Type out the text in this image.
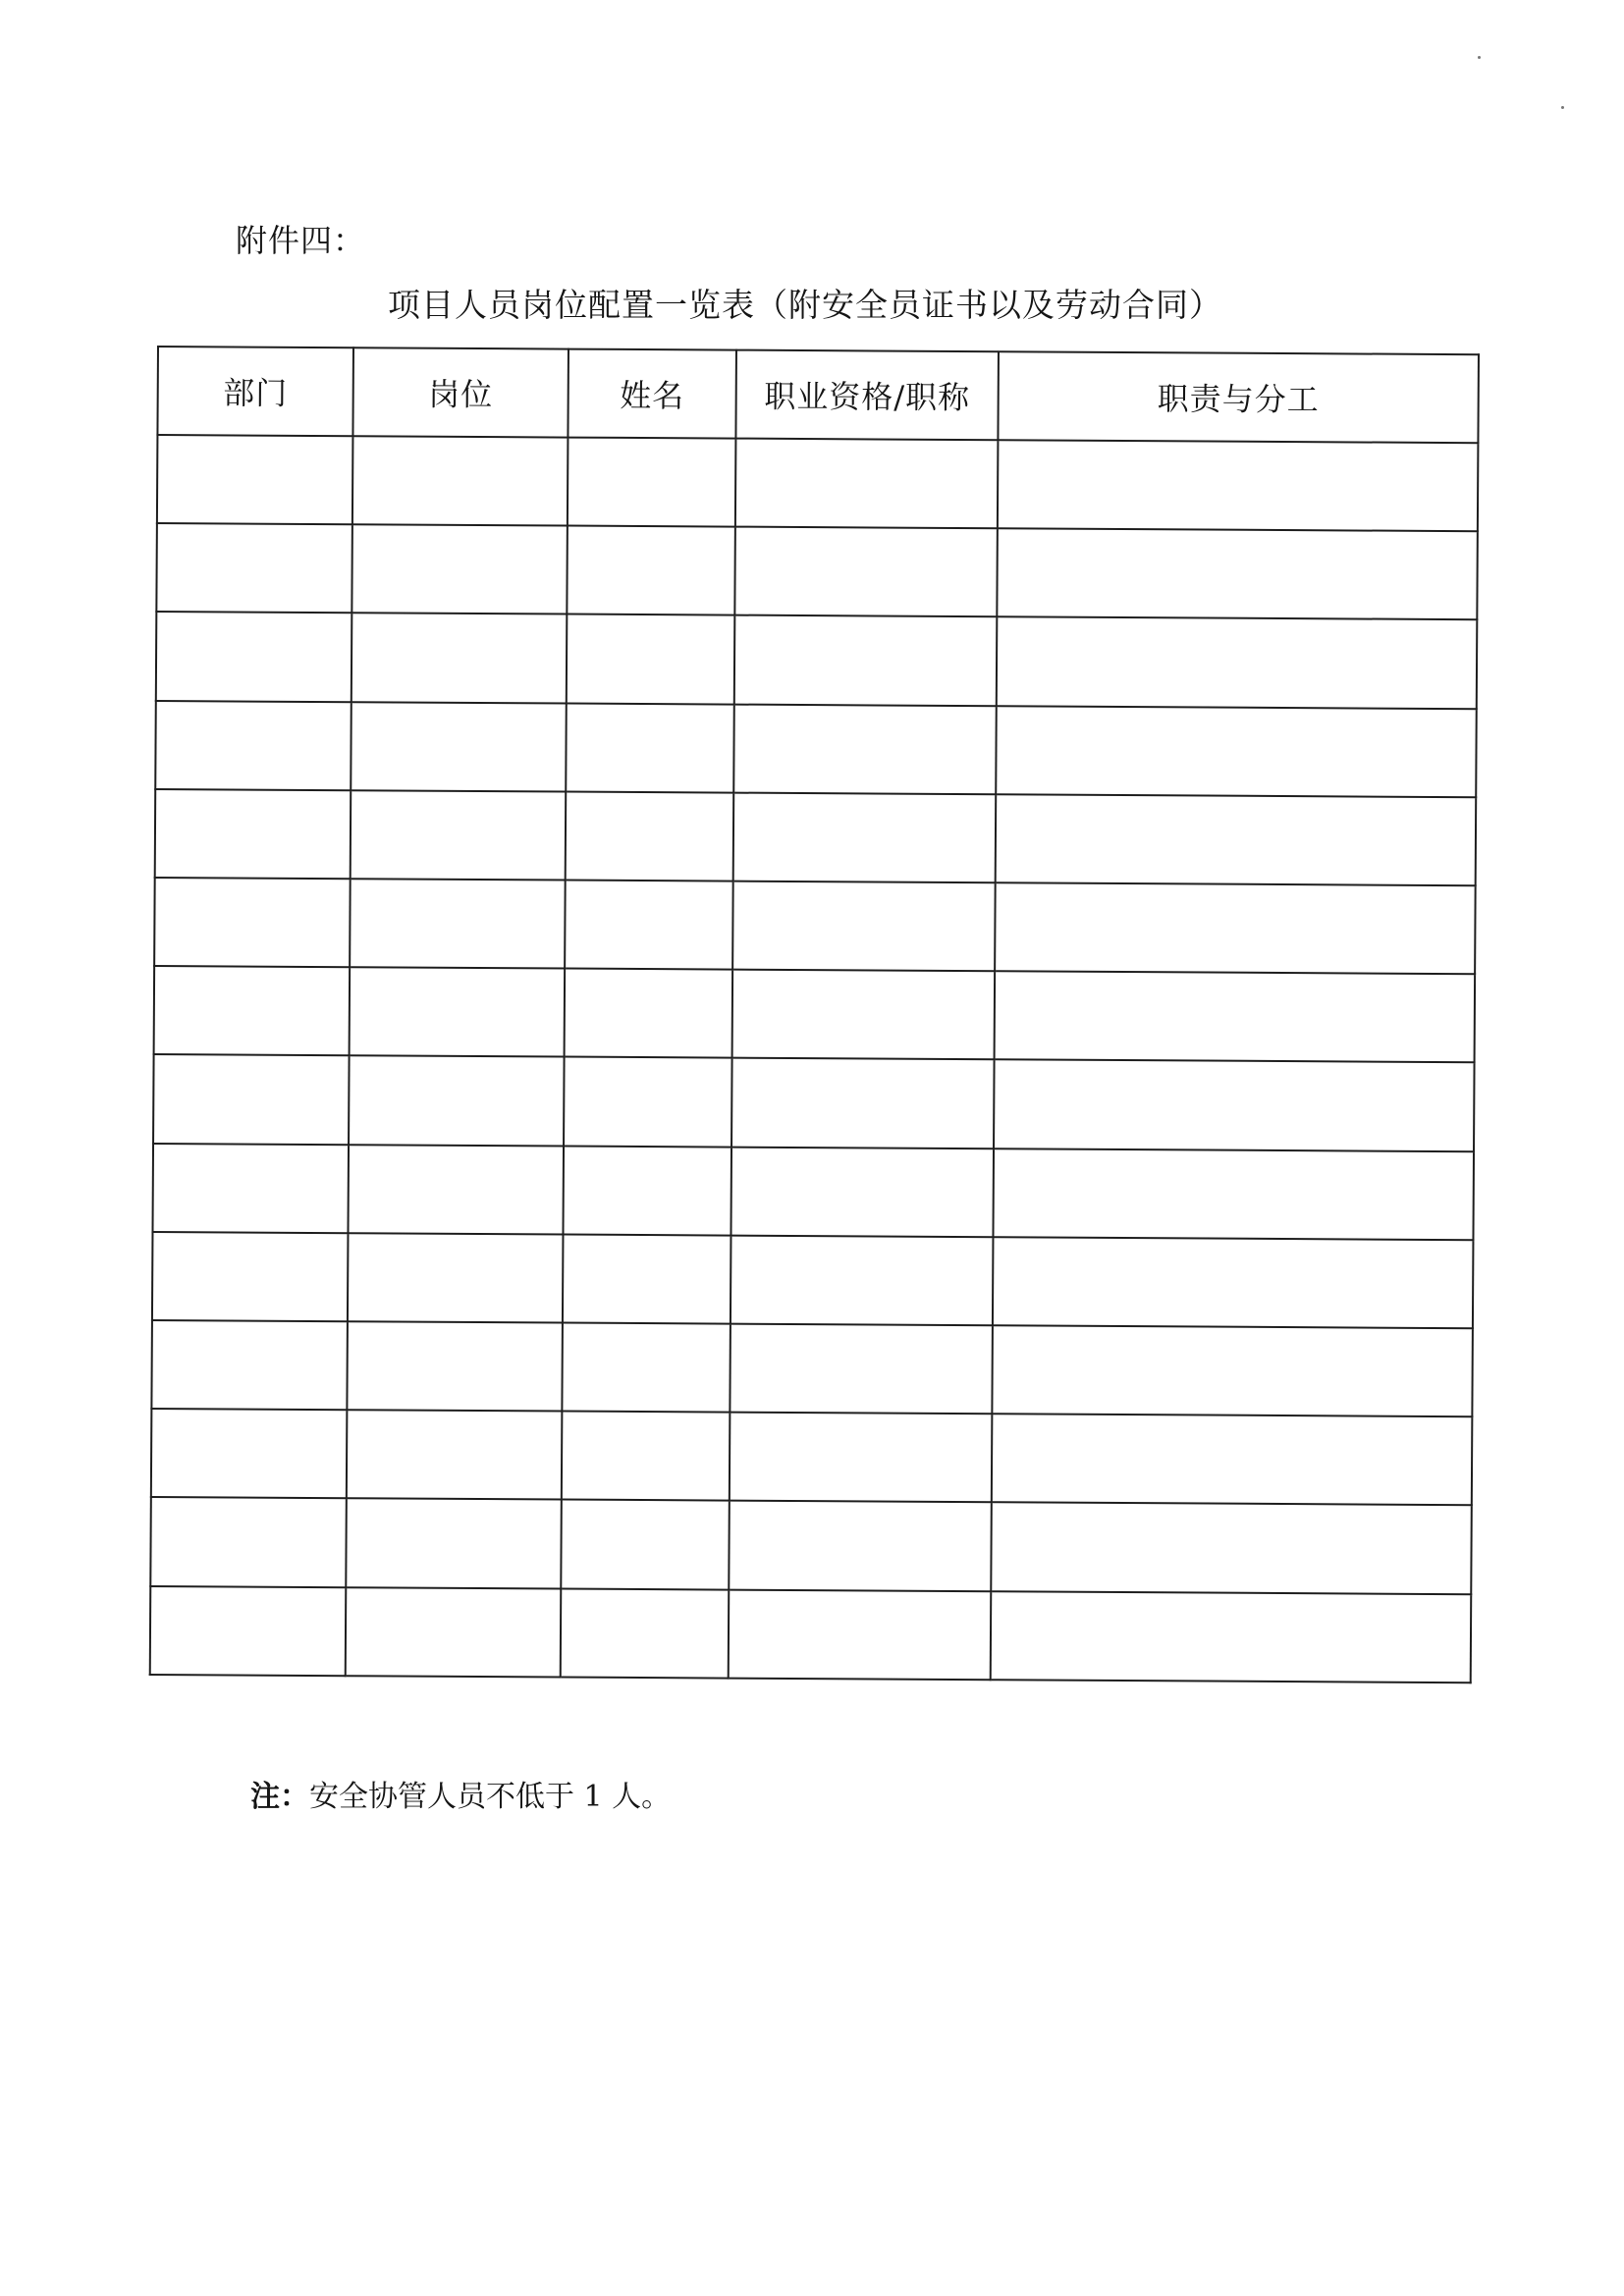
附件四：
项目人员岗位配置一览表（附安全员证书以及劳动合同）
部门	岗位	姓名	职业资格/职称	职责与分工

注：安全协管人员不低于 1 人。
